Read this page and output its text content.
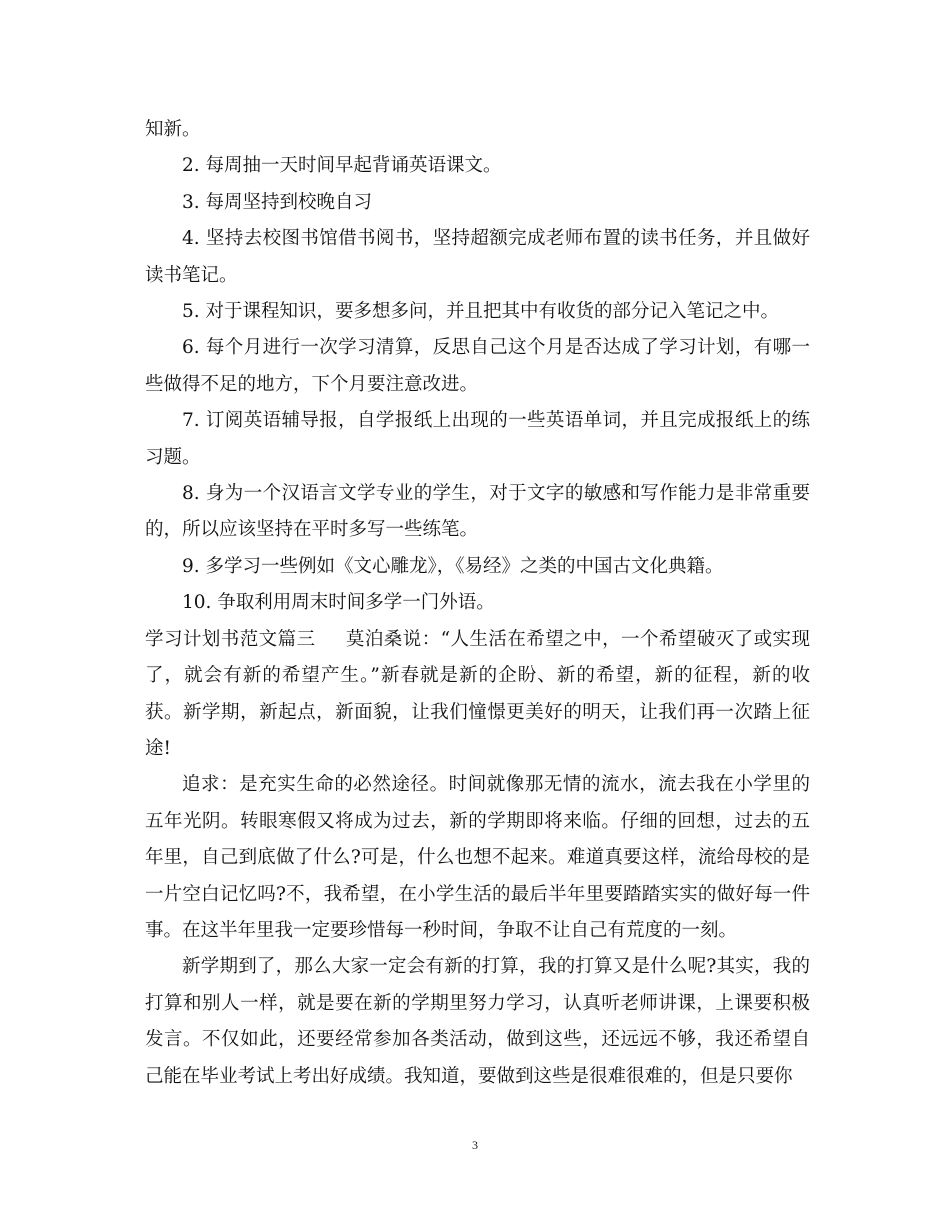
知新。

2. 每周抽一天时间早起背诵英语课文。

3. 每周坚持到校晚自习

4. 坚持去校图书馆借书阅书，坚持超额完成老师布置的读书任务，并且做好读书笔记。

5. 对于课程知识，要多想多问，并且把其中有收货的部分记入笔记之中。

6. 每个月进行一次学习清算，反思自己这个月是否达成了学习计划，有哪一些做得不足的地方，下个月要注意改进。

7. 订阅英语辅导报，自学报纸上出现的一些英语单词，并且完成报纸上的练习题。

8. 身为一个汉语言文学专业的学生，对于文字的敏感和写作能力是非常重要的，所以应该坚持在平时多写一些练笔。

9. 多学习一些例如《文心雕龙》，《易经》之类的中国古文化典籍。

10. 争取利用周末时间多学一门外语。

学习计划书范文篇三 莫泊桑说：“人生活在希望之中，一个希望破灭了或实现了，就会有新的希望产生。”新春就是新的企盼、新的希望，新的征程，新的收获。新学期，新起点，新面貌，让我们憧憬更美好的明天，让我们再一次踏上征途!

追求：是充实生命的必然途径。时间就像那无情的流水，流去我在小学里的五年光阴。转眼寒假又将成为过去，新的学期即将来临。仔细的回想，过去的五年里，自己到底做了什么?可是，什么也想不起来。难道真要这样，流给母校的是一片空白记忆吗?不，我希望，在小学生活的最后半年里要踏踏实实的做好每一件事。在这半年里我一定要珍惜每一秒时间，争取不让自己有荒度的一刻。

新学期到了，那么大家一定会有新的打算，我的打算又是什么呢?其实，我的打算和别人一样，就是要在新的学期里努力学习，认真听老师讲课，上课要积极发言。不仅如此，还要经常参加各类活动，做到这些，还远远不够，我还希望自己能在毕业考试上考出好成绩。我知道，要做到这些是很难很难的，但是只要你

3
